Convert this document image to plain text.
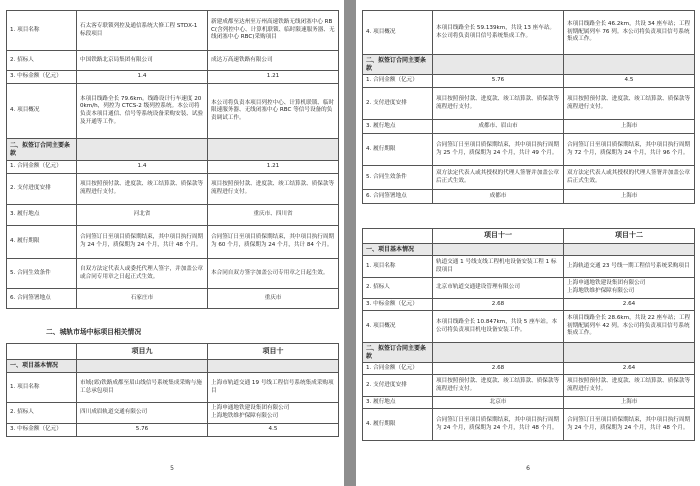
1. 项目名称	石太客专联锁列控及通信系统大修工程 STDX-1 标段项目	新建成都至达州至万州高速铁路无线闭塞中心 RBC(含列控中心、计算机联锁、临时限速服务器、无线闭塞中心 RBC)采购项目
2. 招标人	中国铁路北京局集团有限公司	成达万高速铁路有限公司
3. 中标金额（亿元）	1.4	1.21
4. 项目概况	本项目线路全长 79.6km。线路设计行车速度 200km/h，列控为 CTCS-2 级列控系统。本公司将负责本项目通信、信号等系统设备采购安装、试验及开通等工作。	本公司将负责本项目列控中心、计算机联锁、临时限速服务器、无线闭塞中心 RBC 等信号设备的负责调试工作。
二、拟签订合同主要条款		
1. 合同金额（亿元）	1.4	1.21
2. 支付进度安排	项目按照预付款、进度款、竣工结算款、质保款等流程进行支付。	项目按照预付款、进度款、竣工结算款、质保款等流程进行支付。
3. 履行地点	河北省	重庆市、四川省
4. 履行期限	合同签订日至项目质保期结束，其中项目执行周期为 24 个月，质保期为 24 个月，共计 48 个月。	合同签订日至项目质保期结束，其中项目执行周期为 60 个月，质保期为 24 个月，共计 84 个月。
5. 合同生效条件	自双方法定代表人或委托代理人签字，并加盖公章或合同专用章之日起正式生效。	本合同自双方签字加盖公司专用章之日起生效。
6. 合同签署地点	石家庄市	重庆市
二、城轨市场中标项目相关情况
	项目九	项目十
一、项目基本情况		
1. 项目名称	市域(郊)铁路成都至眉山线信号系统集成采购与施工总承包项目	上海市轨道交通 19 号线工程信号系统集成采购项目
2. 招标人	四川成眉轨道交通有限公司	上海申通地铁建设集团有限公司
上海地铁维护保障有限公司
3. 中标金额（亿元）	5.76	4.5
5
4. 项目概况	本项目线路全长 59.139km，共设 13 座车站。本公司将负责项目信号系统集成工作。	本项目线路全长 46.2km，共设 34 座车站；工程初期配属列车 76 列。本公司将负责项目信号系统集成工作。
二、拟签订合同主要条款		
1. 合同金额（亿元）	5.76	4.5
2. 支付进度安排	项目按照预付款、进度款、竣工结算款、质保款等流程进行支付。	项目按照预付款、进度款、竣工结算款、质保款等流程进行支付。
3. 履行地点	成都市、眉山市	上海市
4. 履行期限	合同签订日至项目质保期结束，其中项目执行周期为 25 个月，质保期为 24 个月，共计 49 个月。	合同签订日至项目质保期结束，其中项目执行周期为 72 个月，质保期为 24 个月，共计 96 个月。
5. 合同生效条件	双方法定代表人或其授权的代理人签署并加盖公章后正式生效。	双方法定代表人或其授权的代理人签署并加盖公章后正式生效。
6. 合同签署地点	成都市	上海市
	项目十一	项目十二
一、项目基本情况		
1. 项目名称	轨道交通 1 号线支线工程机电设备安装工程 1 标段项目	上海轨道交通 23 号线一期工程信号系统采购项目
2. 招标人	北京市轨道交通建设管理有限公司	上海申通地铁建设集团有限公司
上海地铁维护保障有限公司
3. 中标金额（亿元）	2.68	2.64
4. 项目概况	本项目线路全长 10.847km，共设 5 座车站。本公司将负责项目机电设备安装工作。	本项目线路全长 28.6km，共设 22 座车站；工程初期配属列车 42 列。本公司将负责项目信号系统集成工作。
二、拟签订合同主要条款		
1. 合同金额（亿元）	2.68	2.64
2. 支付进度安排	项目按照预付款、进度款、竣工结算款、质保款等流程进行支付。	项目按照预付款、进度款、竣工结算款、质保款等流程进行支付。
3. 履行地点	北京市	上海市
4. 履行期限	合同签订日至项目质保期结束，其中项目执行周期为 24 个月，质保期为 24 个月，共计 48 个月。	合同签订日至项目质保期结束，其中项目执行周期为 24 个月，质保期为 24 个月，共计 48 个月。
6
